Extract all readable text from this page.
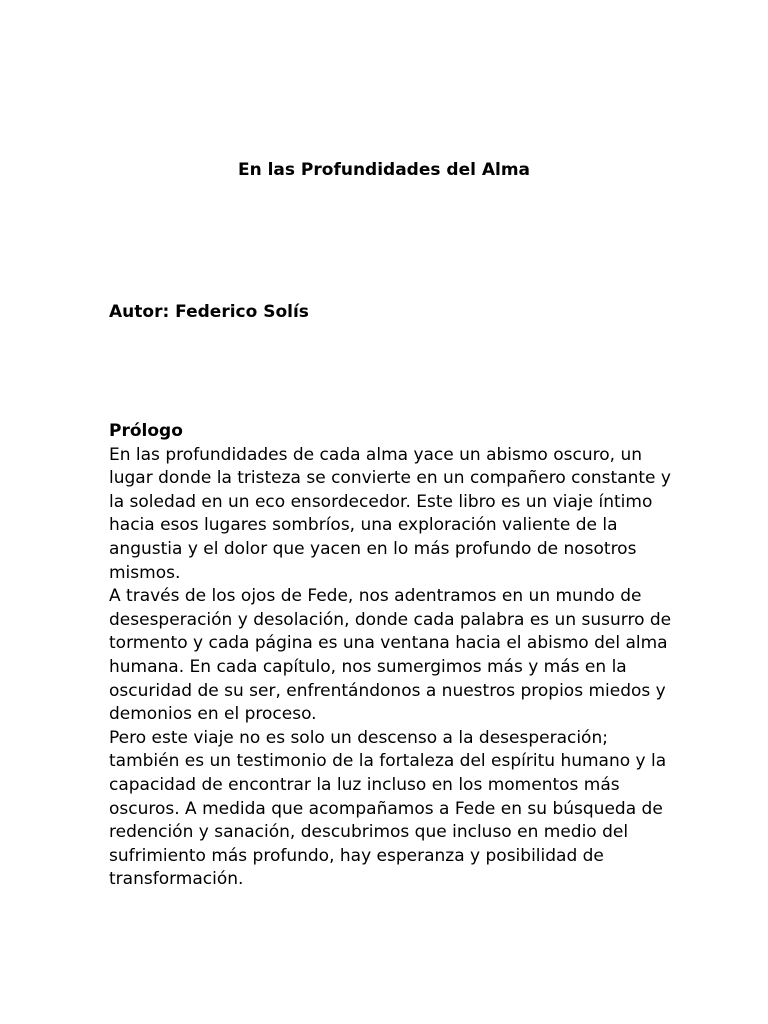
En las Profundidades del Alma
Autor: Federico Solís

Prólogo

En las profundidades de cada alma yace un abismo oscuro, un
lugar donde la tristeza se convierte en un compañero constante y
la soledad en un eco ensordecedor. Este libro es un viaje íntimo
hacia esos lugares sombríos, una exploración valiente de la
angustia y el dolor que yacen en lo más profundo de nosotros
mismos.

A través de los ojos de Fede, nos adentramos en un mundo de
desesperación y desolación, donde cada palabra es un susurro de
tormento y cada página es una ventana hacia el abismo del alma
humana. En cada capítulo, nos sumergimos más y más en la
oscuridad de su ser, enfrentándonos a nuestros propios miedos y
demonios en el proceso.

Pero este viaje no es solo un descenso a la desesperación;
también es un testimonio de la fortaleza del espíritu humano y la
capacidad de encontrar la luz incluso en los momentos más
oscuros. A medida que acompañamos a Fede en su búsqueda de
redención y sanación, descubrimos que incluso en medio del
sufrimiento más profundo, hay esperanza y posibilidad de
transformación.
